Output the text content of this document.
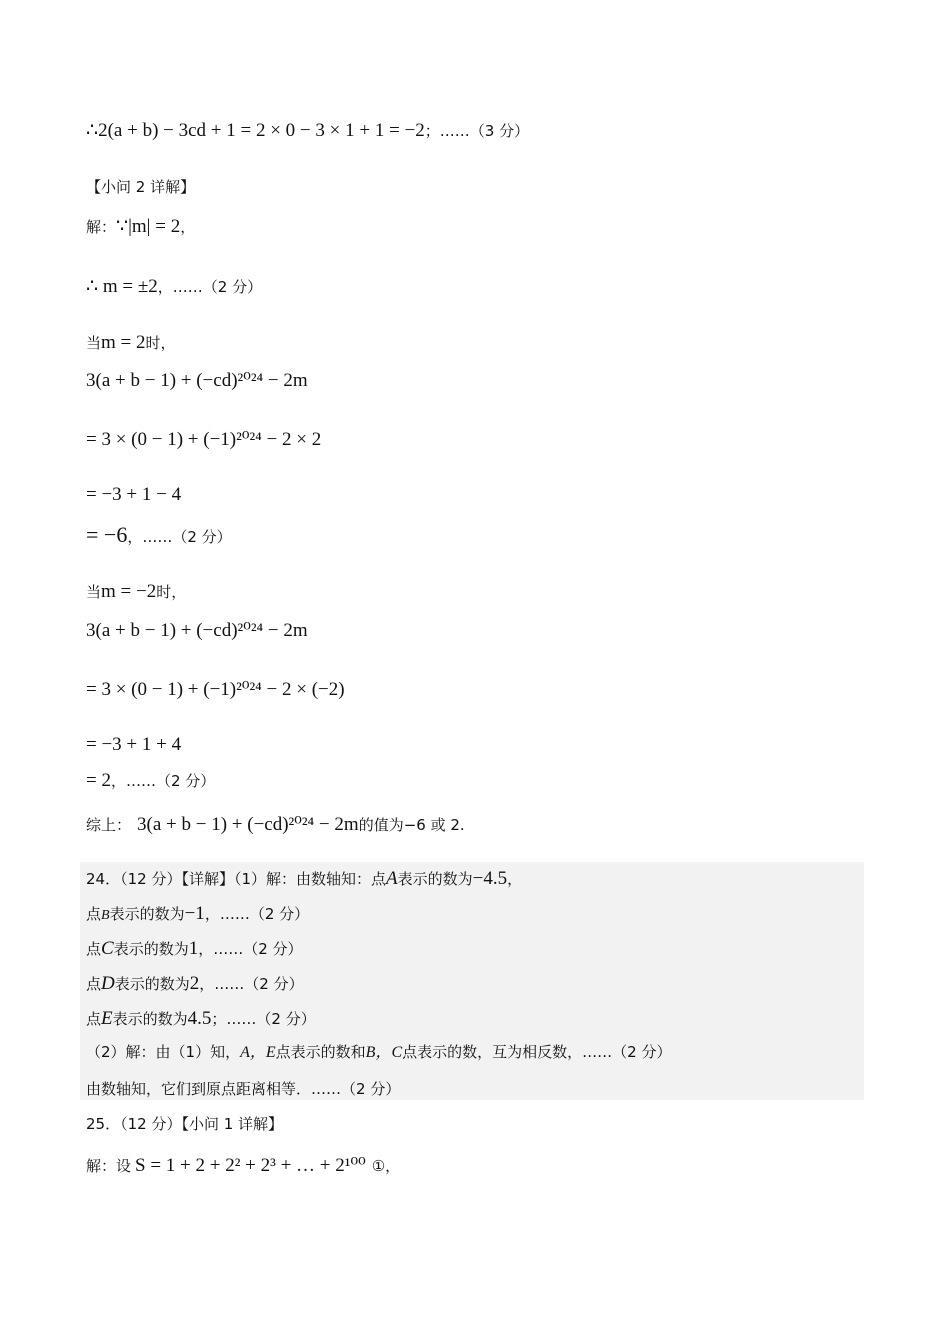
∴2(a + b) − 3cd + 1 = 2 × 0 − 3 × 1 + 1 = −2；……（3 分）
【小问 2 详解】
解：∵|m| = 2，
∴ m = ±2，……（2 分）
当m = 2时，
3(a + b − 1) + (−cd)²⁰²⁴ − 2m
= 3 × (0 − 1) + (−1)²⁰²⁴ − 2 × 2
= −3 + 1 − 4
= −6，……（2 分）
当m = −2时，
3(a + b − 1) + (−cd)²⁰²⁴ − 2m
= 3 × (0 − 1) + (−1)²⁰²⁴ − 2 × (−2)
= −3 + 1 + 4
= 2，……（2 分）
综上： 3(a + b − 1) + (−cd)²⁰²⁴ − 2m的值为−6 或 2.
24．（12 分）【详解】（1）解：由数轴知：点A表示的数为−4.5，
点B表示的数为−1，……（2 分）
点C表示的数为1，……（2 分）
点D表示的数为2，……（2 分）
点E表示的数为4.5；……（2 分）
（2）解：由（1）知，A，E点表示的数和B，C点表示的数，互为相反数，……（2 分）
由数轴知，它们到原点距离相等．……（2 分）
25．（12 分）【小问 1 详解】
解：设 S = 1 + 2 + 2² + 2³ + … + 2¹⁰⁰ ①，
